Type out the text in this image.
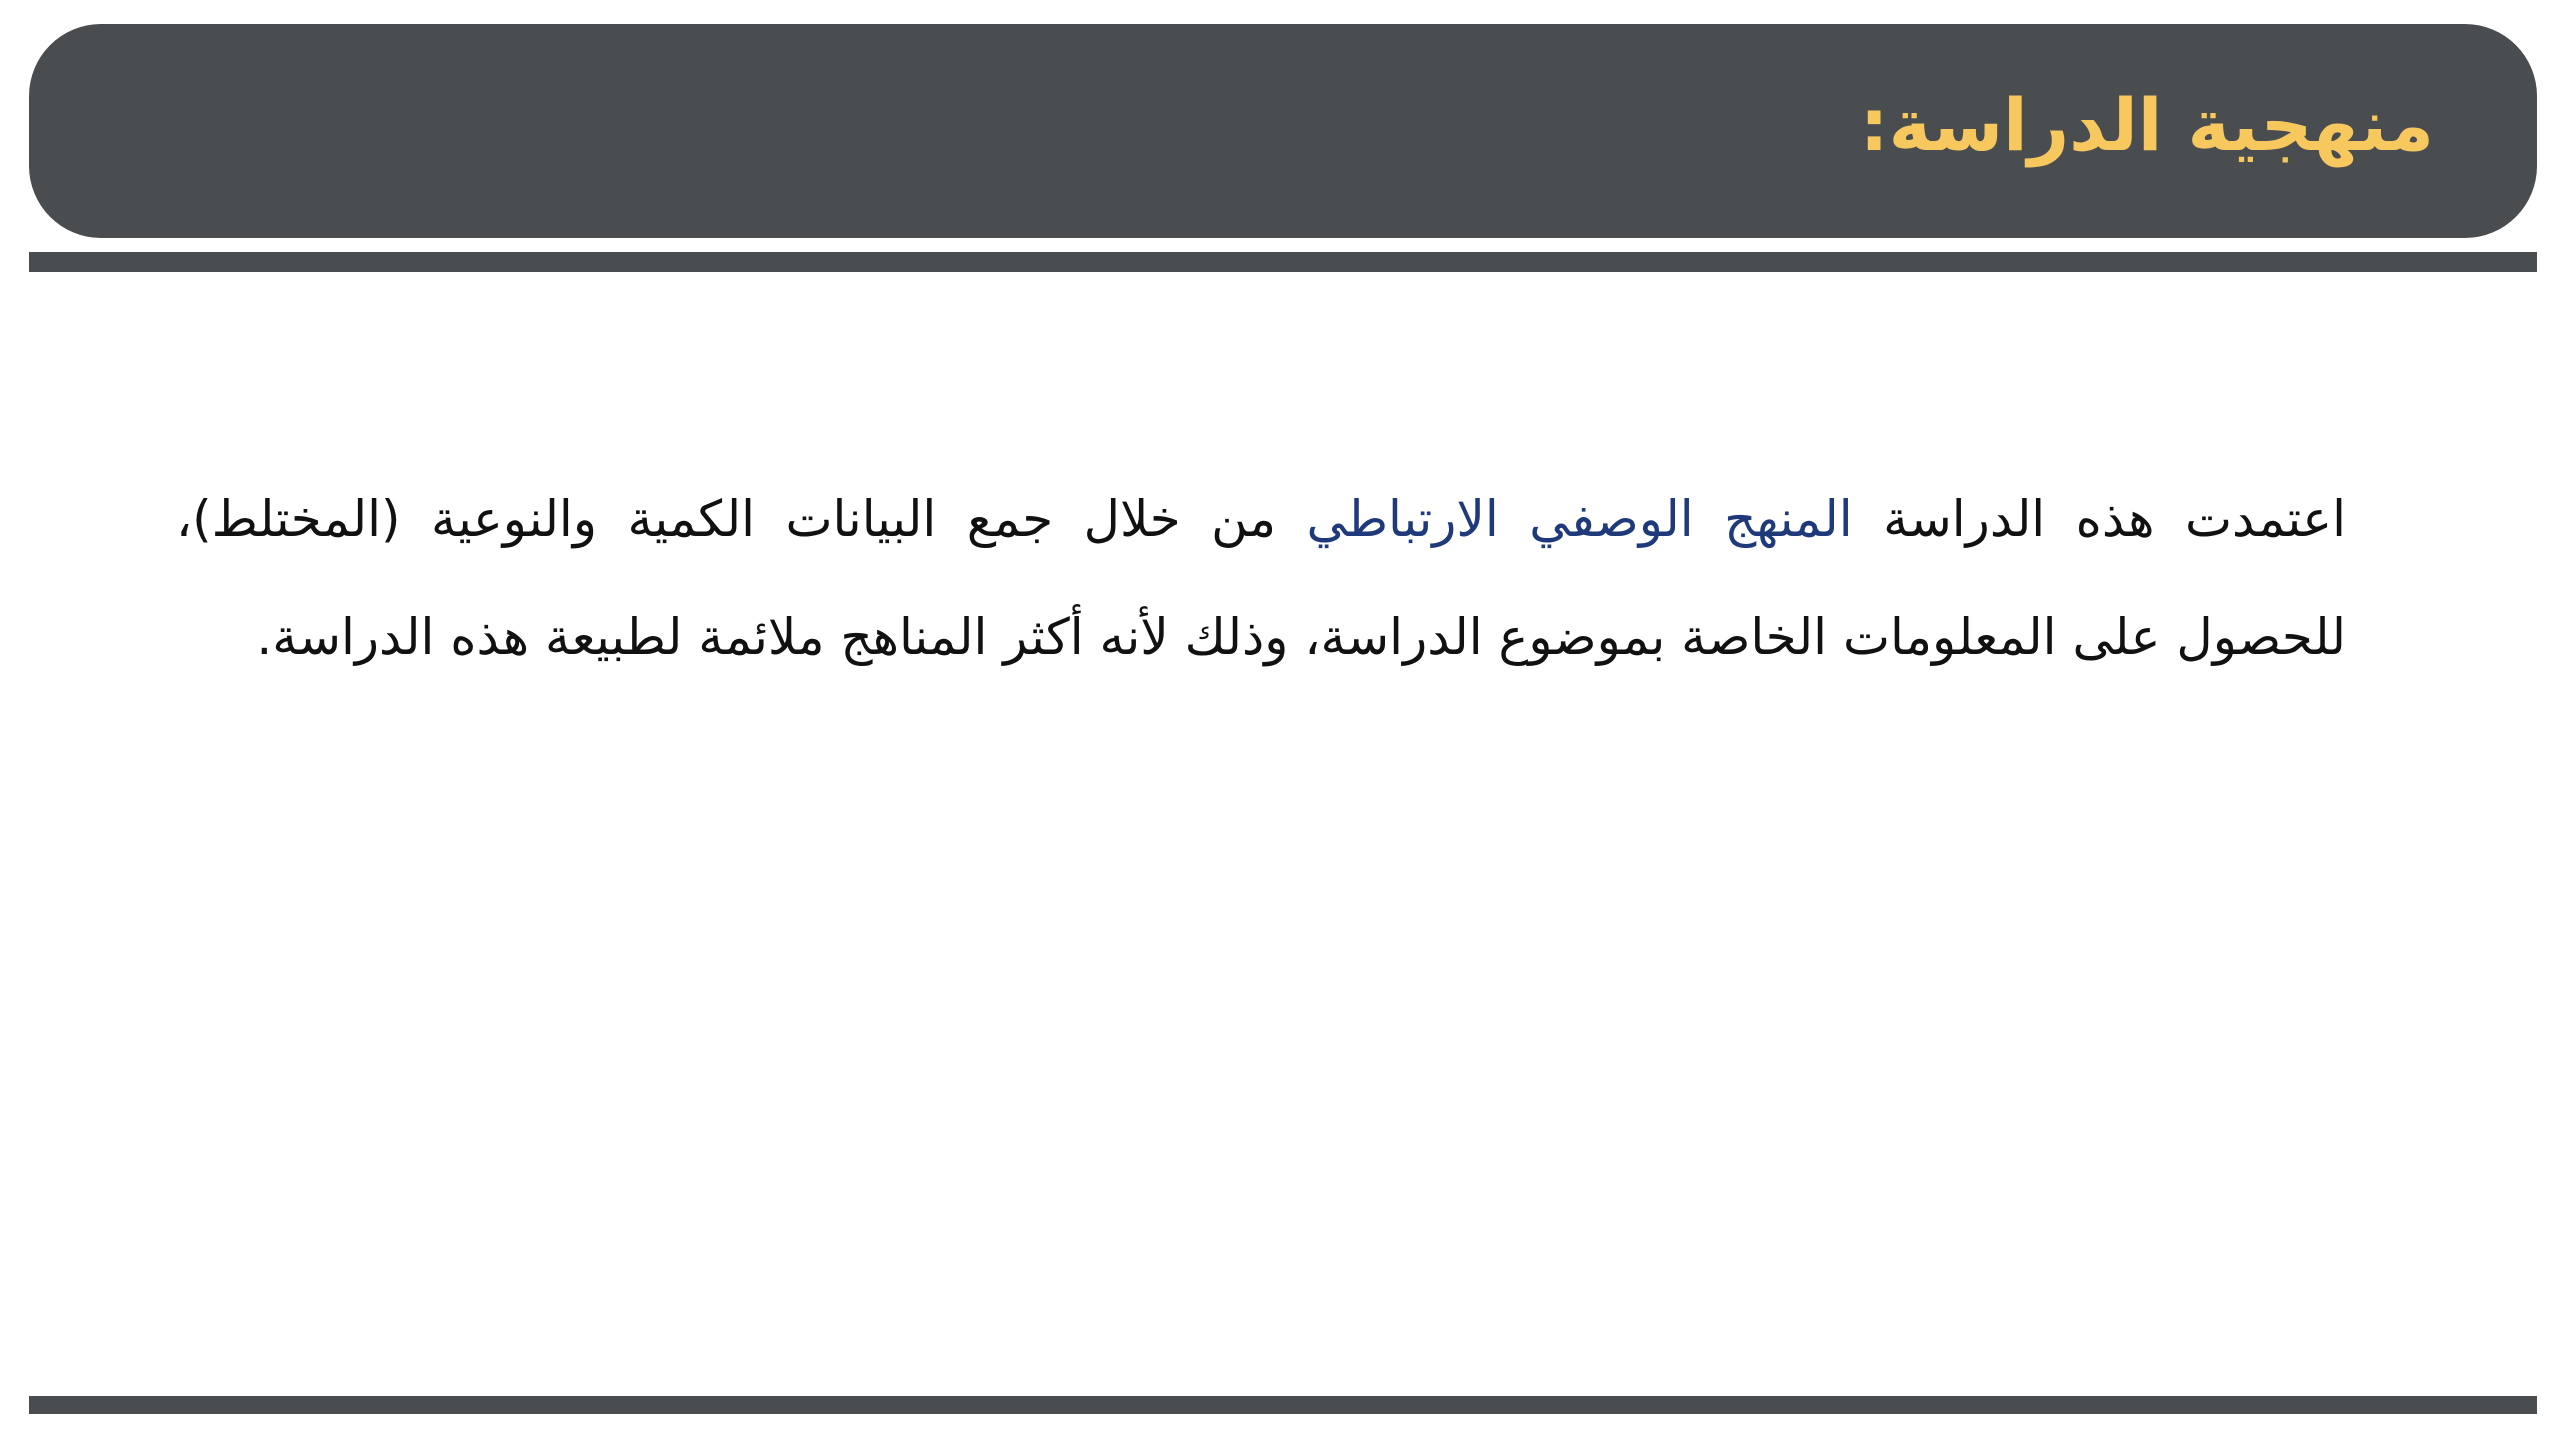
منهجية الدراسة:

اعتمدت هذه الدراسة المنهج الوصفي الارتباطي من خلال جمع البيانات الكمية والنوعية (المختلط)، للحصول على المعلومات الخاصة بموضوع الدراسة، وذلك لأنه أكثر المناهج ملائمة لطبيعة هذه الدراسة.
